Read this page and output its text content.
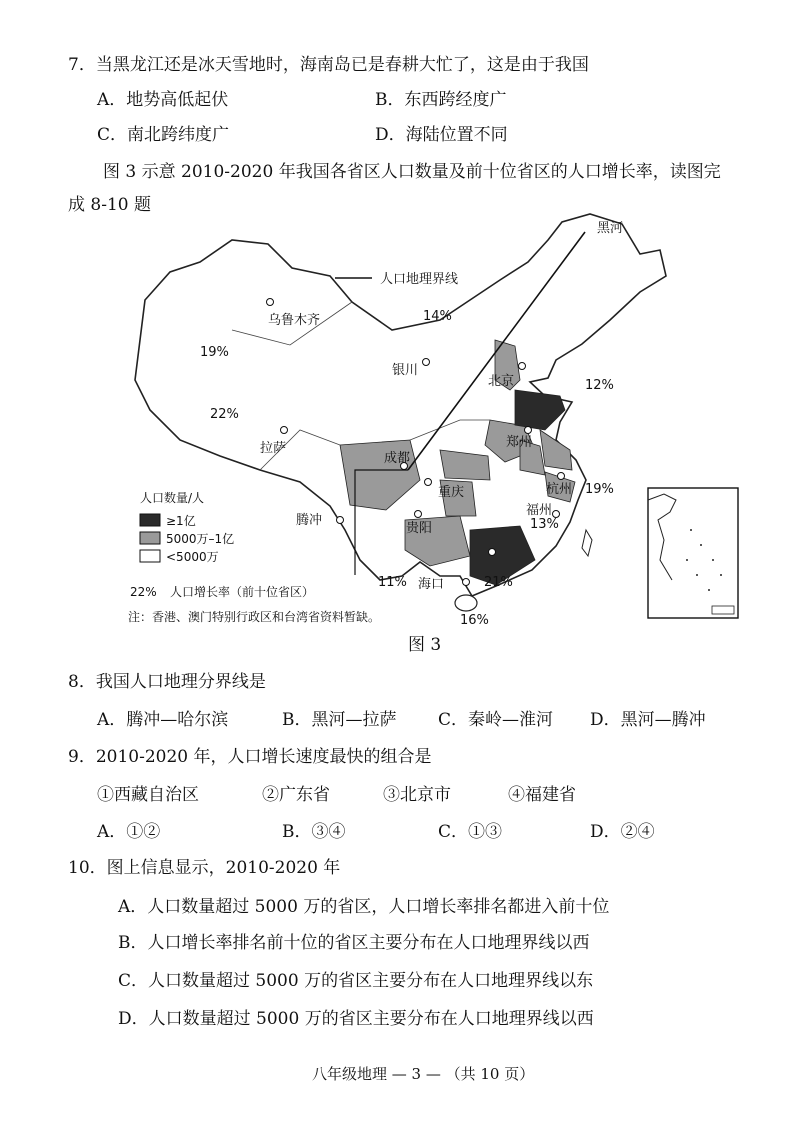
7．当黑龙江还是冰天雪地时，海南岛已是春耕大忙了，这是由于我国
A．地势高低起伏	B．东西跨经度广
C．南北跨纬度广	D．海陆位置不同
图 3 示意 2010-2020 年我国各省区人口数量及前十位省区的人口增长率，读图完
成 8-10 题
人口地理界线
黑河
乌鲁木齐
银川
北京
郑州
拉萨
成都
重庆
贵阳
杭州
福州
腾冲
海口
14%
19%
22%
12%
19%
13%
11%	21%
16%
人口数量/人
≥1亿
5000万–1亿
<5000万
22% 人口增长率（前十位省区）
注：香港、澳门特别行政区和台湾省资料暂缺。
图 3
8．我国人口地理分界线是
A．腾冲—哈尔滨	B．黑河—拉萨 C．秦岭—淮河 D．黑河—腾冲
9．2010-2020 年，人口增长速度最快的组合是
①西藏自治区	②广东省	③北京市	④福建省
A．①②	B．③④	C．①③	D．②④
10．图上信息显示，2010-2020 年
A．人口数量超过 5000 万的省区，人口增长率排名都进入前十位
B．人口增长率排名前十位的省区主要分布在人口地理界线以西
C．人口数量超过 5000 万的省区主要分布在人口地理界线以东
D．人口数量超过 5000 万的省区主要分布在人口地理界线以西
八年级地理 — 3 — （共 10 页）
